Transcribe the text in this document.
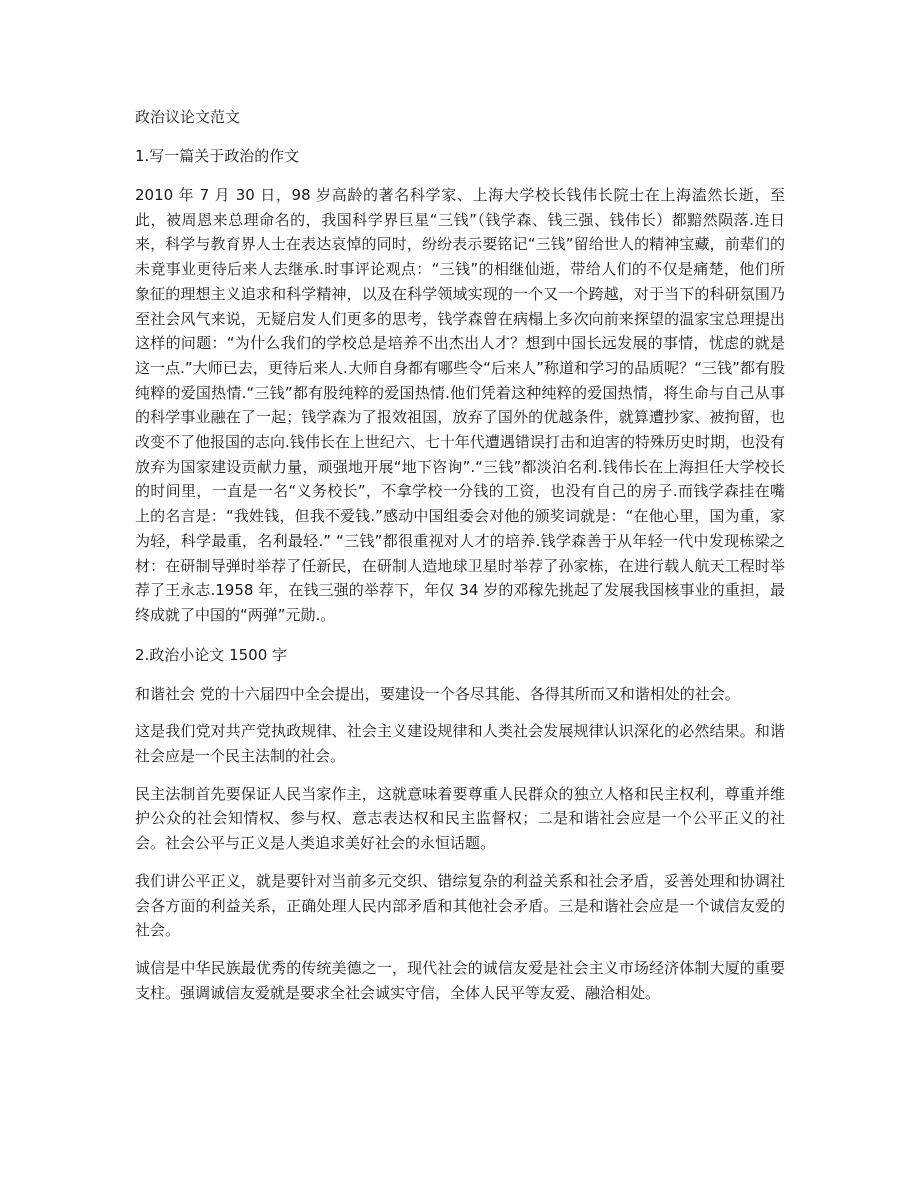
政治议论文范文
1.写一篇关于政治的作文

2010 年 7 月 30 日，98 岁高龄的著名科学家、上海大学校长钱伟长院士在上海溘然长逝，至此，被周恩来总理命名的，我国科学界巨星“三钱”（钱学森、钱三强、钱伟长）都黯然陨落.连日来，科学与教育界人士在表达哀悼的同时，纷纷表示要铭记“三钱”留给世人的精神宝藏，前辈们的未竟事业更待后来人去继承.时事评论观点：“三钱”的相继仙逝，带给人们的不仅是痛楚，他们所象征的理想主义追求和科学精神，以及在科学领域实现的一个又一个跨越，对于当下的科研氛围乃至社会风气来说，无疑启发人们更多的思考，钱学森曾在病榻上多次向前来探望的温家宝总理提出这样的问题：“为什么我们的学校总是培养不出杰出人才？想到中国长远发展的事情，忧虑的就是这一点.”大师已去，更待后来人.大师自身都有哪些令“后来人”称道和学习的品质呢？“三钱”都有股纯粹的爱国热情.“三钱”都有股纯粹的爱国热情.他们凭着这种纯粹的爱国热情，将生命与自己从事的科学事业融在了一起；钱学森为了报效祖国，放弃了国外的优越条件，就算遭抄家、被拘留，也改变不了他报国的志向.钱伟长在上世纪六、七十年代遭遇错误打击和迫害的特殊历史时期，也没有放弃为国家建设贡献力量，顽强地开展“地下咨询”.“三钱”都淡泊名利.钱伟长在上海担任大学校长的时间里，一直是一名“义务校长”，不拿学校一分钱的工资，也没有自己的房子.而钱学森挂在嘴上的名言是：“我姓钱，但我不爱钱.”感动中国组委会对他的颁奖词就是：“在他心里，国为重，家为轻，科学最重，名利最轻.” “三钱”都很重视对人才的培养.钱学森善于从年轻一代中发现栋梁之材：在研制导弹时举荐了任新民，在研制人造地球卫星时举荐了孙家栋，在进行载人航天工程时举荐了王永志.1958 年，在钱三强的举荐下，年仅 34 岁的邓稼先挑起了发展我国核事业的重担，最终成就了中国的“两弹”元勋.。

2.政治小论文 1500 字

和谐社会 党的十六届四中全会提出，要建设一个各尽其能、各得其所而又和谐相处的社会。

这是我们党对共产党执政规律、社会主义建设规律和人类社会发展规律认识深化的必然结果。和谐社会应是一个民主法制的社会。

民主法制首先要保证人民当家作主，这就意味着要尊重人民群众的独立人格和民主权利，尊重并维护公众的社会知情权、参与权、意志表达权和民主监督权；二是和谐社会应是一个公平正义的社会。社会公平与正义是人类追求美好社会的永恒话题。

我们讲公平正义，就是要针对当前多元交织、错综复杂的利益关系和社会矛盾，妥善处理和协调社会各方面的利益关系，正确处理人民内部矛盾和其他社会矛盾。三是和谐社会应是一个诚信友爱的社会。

诚信是中华民族最优秀的传统美德之一，现代社会的诚信友爱是社会主义市场经济体制大厦的重要支柱。强调诚信友爱就是要求全社会诚实守信，全体人民平等友爱、融洽相处。
